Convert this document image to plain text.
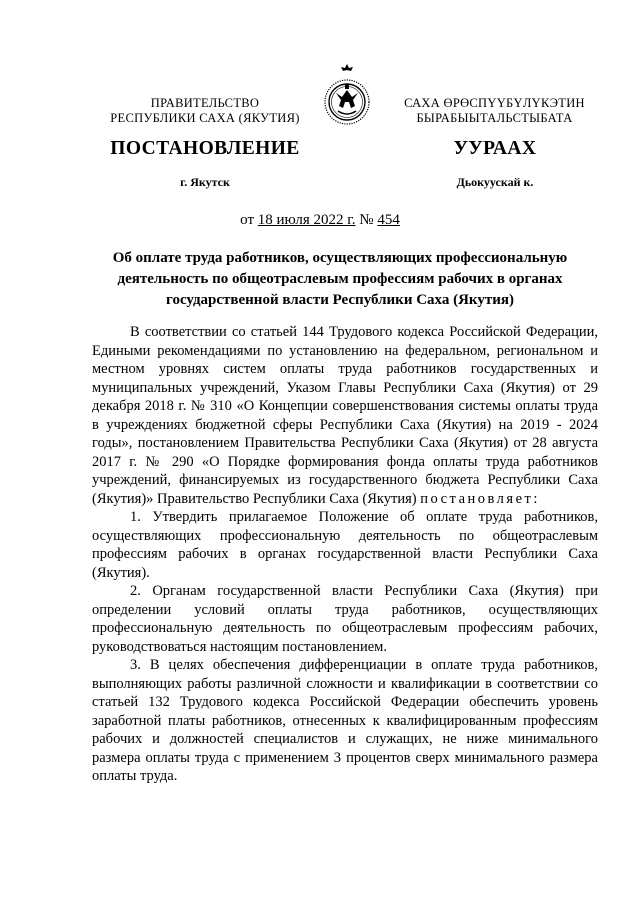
ПРАВИТЕЛЬСТВО
РЕСПУБЛИКИ САХА (ЯКУТИЯ)
САХА ӨРӨСПҮҮБҮЛҮКЭТИН
БЫРАБЫЫТАЛЬСТЫБАТА
ПОСТАНОВЛЕНИЕ	УУРААХ
г. Якутск	Дьокуускай к.
от 18 июля 2022 г. № 454
Об оплате труда работников, осуществляющих профессиональную деятельность по общеотраслевым профессиям рабочих в органах государственной власти Республики Саха (Якутия)

В соответствии со статьей 144 Трудового кодекса Российской Федерации, Едиными рекомендациями по установлению на федеральном, региональном и местном уровнях систем оплаты труда работников государственных и муниципальных учреждений, Указом Главы Республики Саха (Якутия) от 29 декабря 2018 г. № 310 «О Концепции совершенствования системы оплаты труда в учреждениях бюджетной сферы Республики Саха (Якутия) на 2019 - 2024 годы», постановлением Правительства Республики Саха (Якутия) от 28 августа 2017 г. № 290 «О Порядке формирования фонда оплаты труда работников учреждений, финансируемых из государственного бюджета Республики Саха (Якутия)» Правительство Республики Саха (Якутия) постановляет:

1. Утвердить прилагаемое Положение об оплате труда работников, осуществляющих профессиональную деятельность по общеотраслевым профессиям рабочих в органах государственной власти Республики Саха (Якутия).

2. Органам государственной власти Республики Саха (Якутия) при определении условий оплаты труда работников, осуществляющих профессиональную деятельность по общеотраслевым профессиям рабочих, руководствоваться настоящим постановлением.

3. В целях обеспечения дифференциации в оплате труда работников, выполняющих работы различной сложности и квалификации в соответствии со статьей 132 Трудового кодекса Российской Федерации обеспечить уровень заработной платы работников, отнесенных к квалифицированным профессиям рабочих и должностей специалистов и служащих, не ниже минимального размера оплаты труда с применением 3 процентов сверх минимального размера оплаты труда.
